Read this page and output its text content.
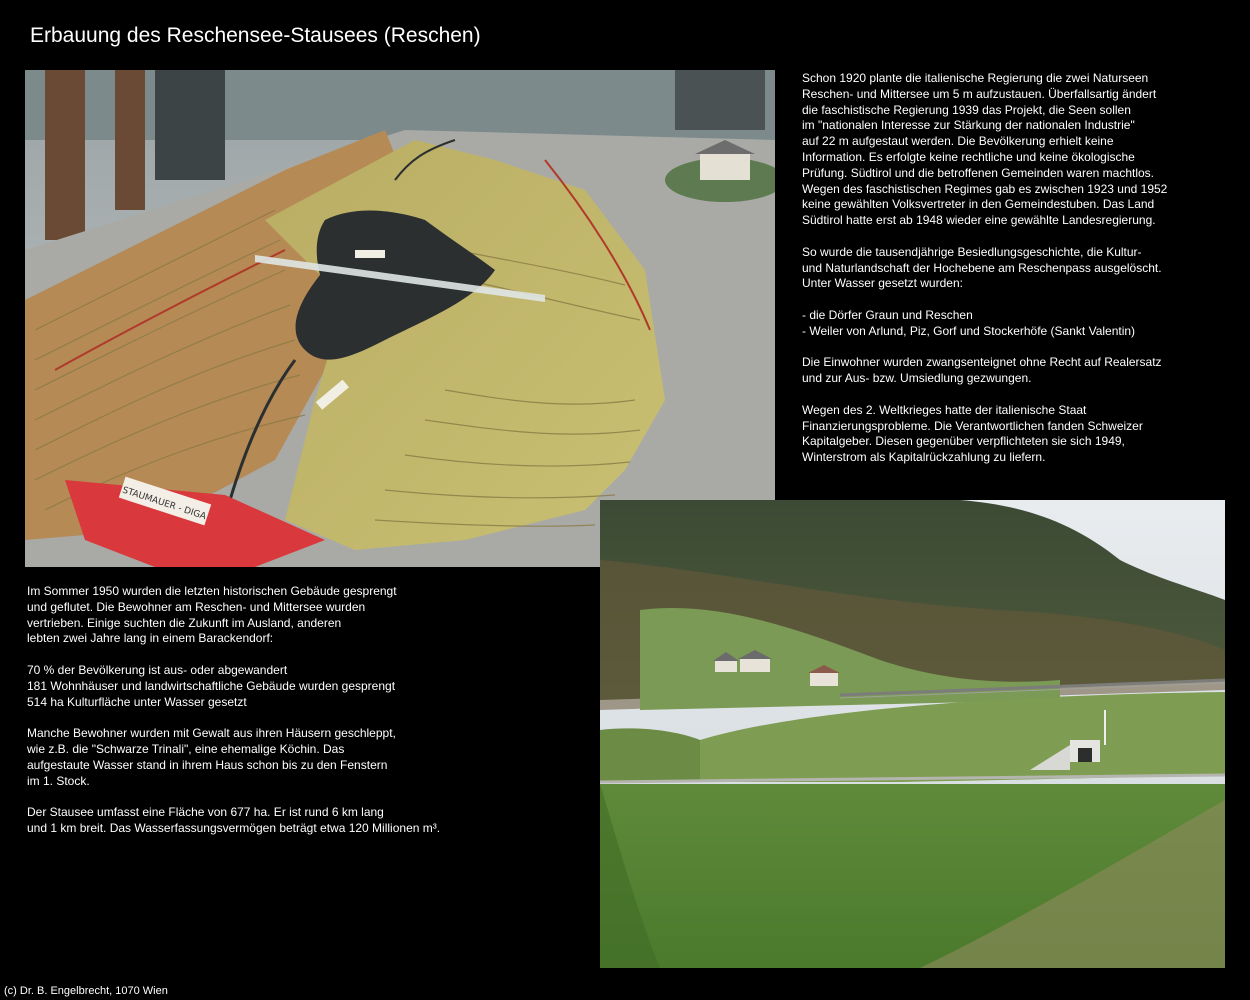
Erbauung des Reschensee-Stausees (Reschen)
STAUMAUER - DIGA

Schon 1920 plante die italienische Regierung die zwei Naturseen
Reschen- und Mittersee um 5 m aufzustauen. Überfallsartig ändert
die faschistische Regierung 1939 das Projekt, die Seen sollen
im "nationalen Interesse zur Stärkung der nationalen Industrie"
auf 22 m aufgestaut werden. Die Bevölkerung erhielt keine
Information. Es erfolgte keine rechtliche und keine ökologische
Prüfung. Südtirol und die betroffenen Gemeinden waren machtlos.
Wegen des faschistischen Regimes gab es zwischen 1923 und 1952
keine gewählten Volksvertreter in den Gemeindestuben. Das Land
Südtirol hatte erst ab 1948 wieder eine gewählte Landesregierung.

So wurde die tausendjährige Besiedlungsgeschichte, die Kultur-
und Naturlandschaft der Hochebene am Reschenpass ausgelöscht.
Unter Wasser gesetzt wurden:

- die Dörfer Graun und Reschen
- Weiler von Arlund, Piz, Gorf und Stockerhöfe (Sankt Valentin)

Die Einwohner wurden zwangsenteignet ohne Recht auf Realersatz
und zur Aus- bzw. Umsiedlung gezwungen.

Wegen des 2. Weltkrieges hatte der italienische Staat
Finanzierungsprobleme. Die Verantwortlichen fanden Schweizer
Kapitalgeber. Diesen gegenüber verpflichteten sie sich 1949,
Winterstrom als Kapitalrückzahlung zu liefern.

Im Sommer 1950 wurden die letzten historischen Gebäude gesprengt
und geflutet. Die Bewohner am Reschen- und Mittersee wurden
vertrieben. Einige suchten die Zukunft im Ausland, anderen
lebten zwei Jahre lang in einem Barackendorf:

70 % der Bevölkerung ist aus- oder abgewandert
181 Wohnhäuser und landwirtschaftliche Gebäude wurden gesprengt
514 ha Kulturfläche unter Wasser gesetzt

Manche Bewohner wurden mit Gewalt aus ihren Häusern geschleppt,
wie z.B. die "Schwarze Trinali", eine ehemalige Köchin. Das
aufgestaute Wasser stand in ihrem Haus schon bis zu den Fenstern
im 1. Stock.

Der Stausee umfasst eine Fläche von 677 ha. Er ist rund 6 km lang
und 1 km breit. Das Wasserfassungsvermögen beträgt etwa 120 Millionen m³.

(c) Dr. B. Engelbrecht, 1070 Wien
